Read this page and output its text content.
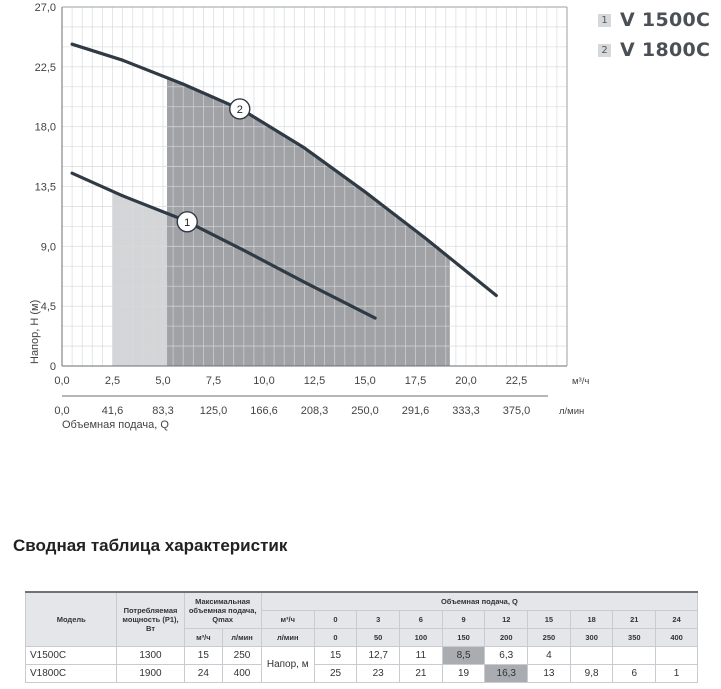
1
2
0
4,5
9,0
13,5
18,0
22,5
27,0
0,0
0,0
2,5
41,6
5,0
83,3
7,5
125,0
10,0
166,6
12,5
208,3
15,0
250,0
17,5
291,6
20,0
333,3
22,5
375,0
м³/ч
л/мин
Объемная подача, Q
Напор, H (м)
1 V 1500C
2 V 1800C
Сводная таблица характеристик
Модель	Потребляемая мощность (P1), Вт	Максимальная объемная подача, Qmax		Объемная подача, Q									
				м³/ч	0	3	6	9	12	15	18	21	24
		м³/ч	л/мин	л/мин	0	50	100	150	200	250	300	350	400
V1500C	1300	15	250	Напор, м	15	12,7	11	8,5	6,3	4			
V1800C	1900	24	400		25	23	21	19	16,3	13	9,8	6	1
